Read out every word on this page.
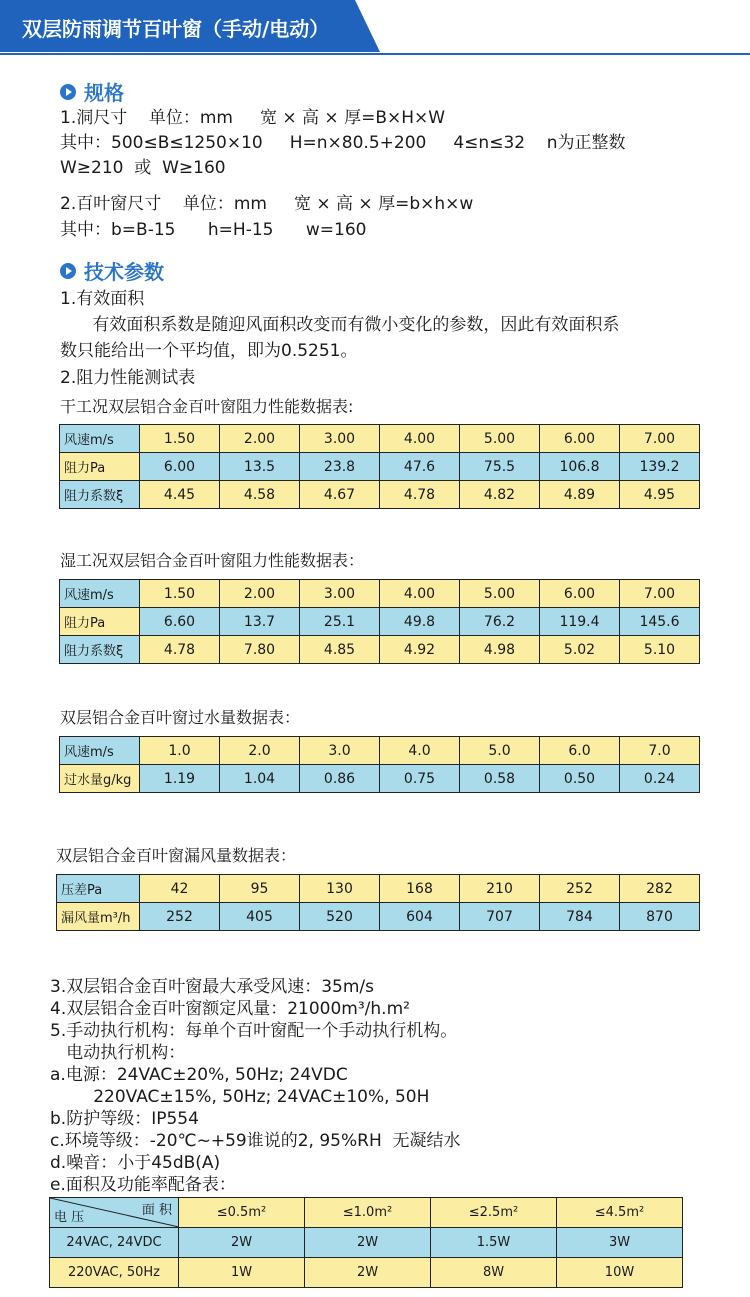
双层防雨调节百叶窗（手动/电动）
规格
1.洞尺寸    单位：mm     宽 × 高 × 厚=B×H×W
其中：500≤B≤1250×10     H=n×80.5+200     4≤n≤32    n为正整数
W≥210  或  W≥160
2.百叶窗尺寸    单位：mm     宽 × 高 × 厚=b×h×w
其中：b=B-15      h=H-15      w=160
技术参数
1.有效面积
有效面积系数是随迎风面积改变而有微小变化的参数，因此有效面积系
数只能给出一个平均值，即为0.5251。
2.阻力性能测试表
干工况双层铝合金百叶窗阻力性能数据表:
风速m/s	1.50	2.00	3.00	4.00	5.00	6.00	7.00
阻力Pa	6.00	13.5	23.8	47.6	75.5	106.8	139.2
阻力系数ξ	4.45	4.58	4.67	4.78	4.82	4.89	4.95
湿工况双层铝合金百叶窗阻力性能数据表：
风速m/s	1.50	2.00	3.00	4.00	5.00	6.00	7.00
阻力Pa	6.60	13.7	25.1	49.8	76.2	119.4	145.6
阻力系数ξ	4.78	7.80	4.85	4.92	4.98	5.02	5.10
双层铝合金百叶窗过水量数据表：
风速m/s	1.0	2.0	3.0	4.0	5.0	6.0	7.0
过水量g/kg	1.19	1.04	0.86	0.75	0.58	0.50	0.24
双层铝合金百叶窗漏风量数据表：
压差Pa	42	95	130	168	210	252	282
漏风量m³/h	252	405	520	604	707	784	870
3.双层铝合金百叶窗最大承受风速：35m/s
4.双层铝合金百叶窗额定风量：21000m³/h.m²
5.手动执行机构：每单个百叶窗配一个手动执行机构。
电动执行机构：
a.电源：24VAC±20%, 50Hz; 24VDC
220VAC±15%, 50Hz; 24VAC±10%, 50H
b.防护等级：IP554
c.环境等级：-20℃~+59谁说的2, 95%RH  无凝结水
d.噪音：小于45dB(A)
e.面积及功能率配备表：
面 积
电 压	≤0.5m²	≤1.0m²	≤2.5m²	≤4.5m²
24VAC, 24VDC	2W	2W	1.5W	3W
220VAC, 50Hz	1W	2W	8W	10W
